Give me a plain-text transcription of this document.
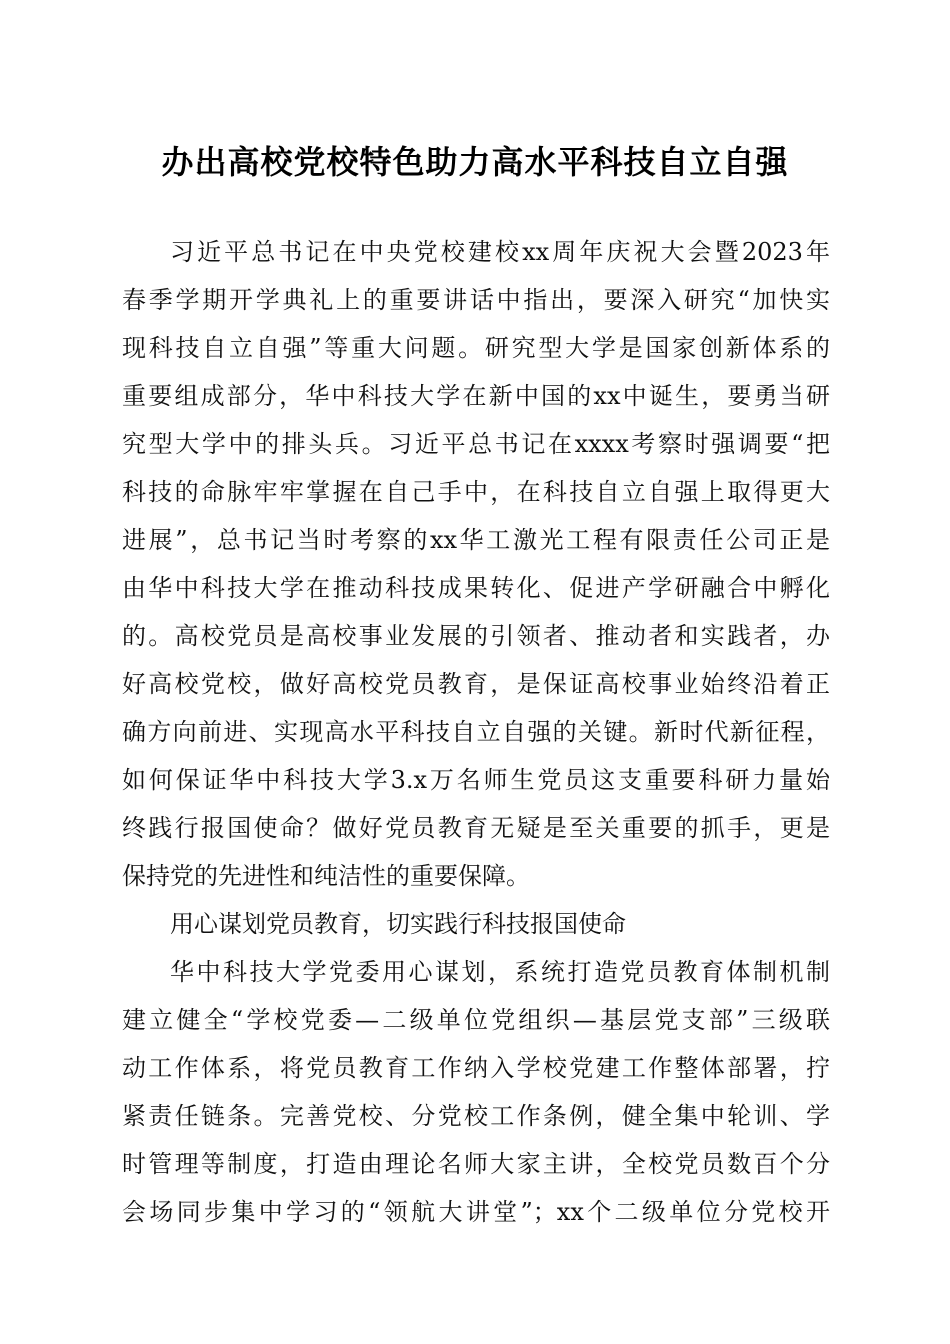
办出高校党校特色助力高水平科技自立自强
习近平总书记在中央党校建校xx周年庆祝大会暨2023年
春季学期开学典礼上的重要讲话中指出，要深入研究“加快实
现科技自立自强”等重大问题。研究型大学是国家创新体系的
重要组成部分，华中科技大学在新中国的xx中诞生，要勇当研
究型大学中的排头兵。习近平总书记在xxxx考察时强调要“把
科技的命脉牢牢掌握在自己手中，在科技自立自强上取得更大
进展”，总书记当时考察的xx华工激光工程有限责任公司正是
由华中科技大学在推动科技成果转化、促进产学研融合中孵化
的。高校党员是高校事业发展的引领者、推动者和实践者，办
好高校党校，做好高校党员教育，是保证高校事业始终沿着正
确方向前进、实现高水平科技自立自强的关键。新时代新征程，
如何保证华中科技大学3.x万名师生党员这支重要科研力量始
终践行报国使命？做好党员教育无疑是至关重要的抓手，更是
保持党的先进性和纯洁性的重要保障。
用心谋划党员教育，切实践行科技报国使命
华中科技大学党委用心谋划，系统打造党员教育体制机制
建立健全“学校党委—二级单位党组织—基层党支部”三级联
动工作体系，将党员教育工作纳入学校党建工作整体部署，拧
紧责任链条。完善党校、分党校工作条例，健全集中轮训、学
时管理等制度，打造由理论名师大家主讲，全校党员数百个分
会场同步集中学习的“领航大讲堂”；xx个二级单位分党校开
